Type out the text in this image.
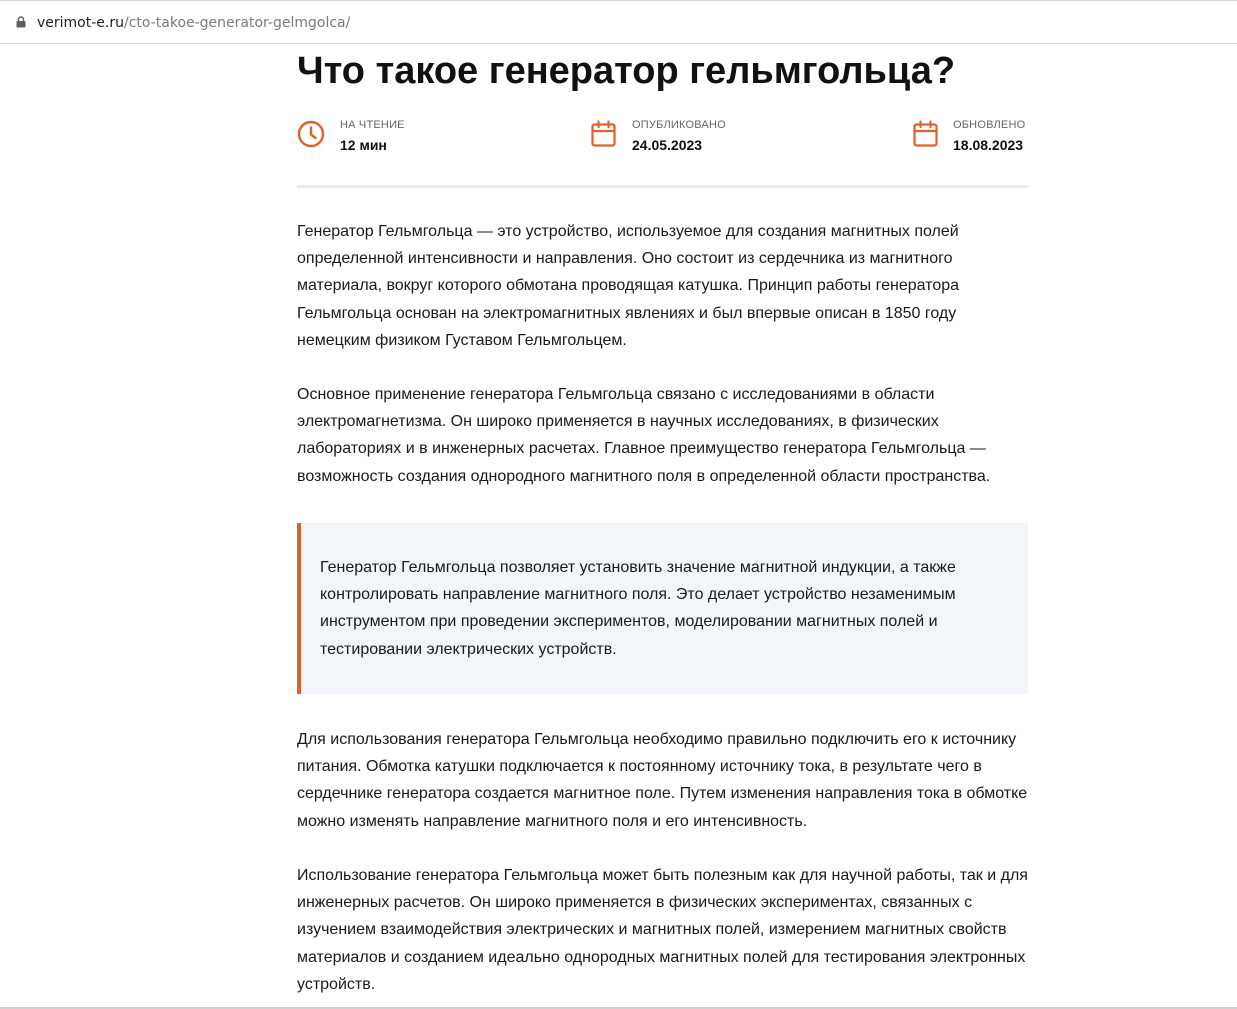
verimot-e.ru/cto-takoe-generator-gelmgolca/
Что такое генератор гельмгольца?
НА ЧТЕНИЕ
12 мин
ОПУБЛИКОВАНО
24.05.2023
ОБНОВЛЕНО
18.08.2023

Генератор Гельмгольца — это устройство, используемое для создания магнитных полей определенной интенсивности и направления. Оно состоит из сердечника из магнитного материала, вокруг которого обмотана проводящая катушка. Принцип работы генератора Гельмгольца основан на электромагнитных явлениях и был впервые описан в 1850 году немецким физиком Густавом Гельмгольцем.

Основное применение генератора Гельмгольца связано с исследованиями в области электромагнетизма. Он широко применяется в научных исследованиях, в физических лабораториях и в инженерных расчетах. Главное преимущество генератора Гельмгольца — возможность создания однородного магнитного поля в определенной области пространства.

Генератор Гельмгольца позволяет установить значение магнитной индукции, а также контролировать направление магнитного поля. Это делает устройство незаменимым инструментом при проведении экспериментов, моделировании магнитных полей и тестировании электрических устройств.

Для использования генератора Гельмгольца необходимо правильно подключить его к источнику питания. Обмотка катушки подключается к постоянному источнику тока, в результате чего в сердечнике генератора создается магнитное поле. Путем изменения направления тока в обмотке можно изменять направление магнитного поля и его интенсивность.

Использование генератора Гельмгольца может быть полезным как для научной работы, так и для инженерных расчетов. Он широко применяется в физических экспериментах, связанных с изучением взаимодействия электрических и магнитных полей, измерением магнитных свойств материалов и созданием идеально однородных магнитных полей для тестирования электронных устройств.
